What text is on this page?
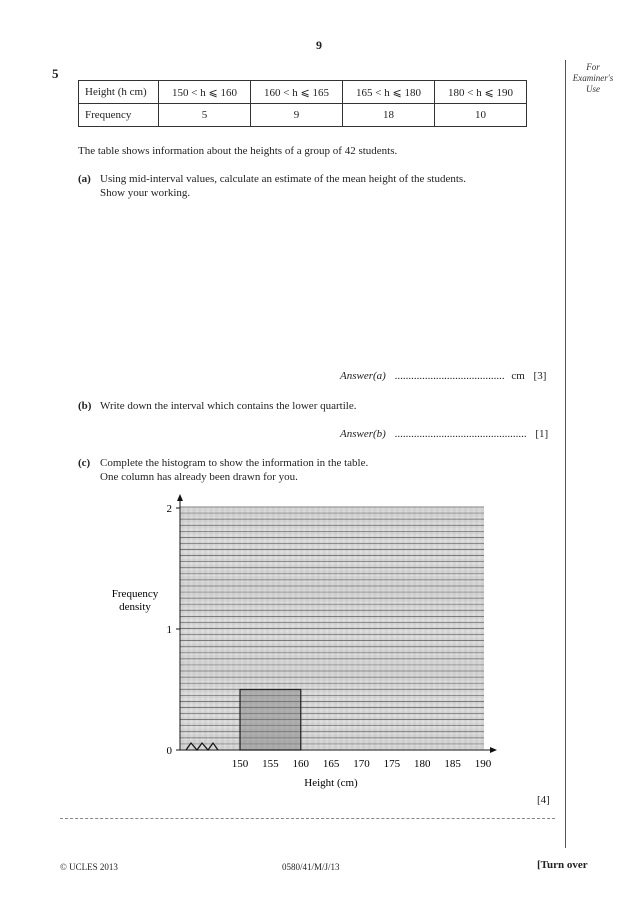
9
5	For
Examiner's
Use
Height (h cm)	150 < h ⩽ 160	160 < h ⩽ 165	165 < h ⩽ 180	180 < h ⩽ 190
Frequency	5	9	18	10
The table shows information about the heights of a group of 42 students.
(a) Using mid-interval values, calculate an estimate of the mean height of the students.
Show your working.
Answer(a) ........................................ cm [3]
(b) Write down the interval which contains the lower quartile.
Answer(b) ................................................ [1]
(c) Complete the histogram to show the information in the table.
One column has already been drawn for you.
150 155 160 165 170 175 180 185 190
0
1
2
Height (cm)
Frequency
density
[4]
© UCLES 2013	0580/41/M/J/13	[Turn over
